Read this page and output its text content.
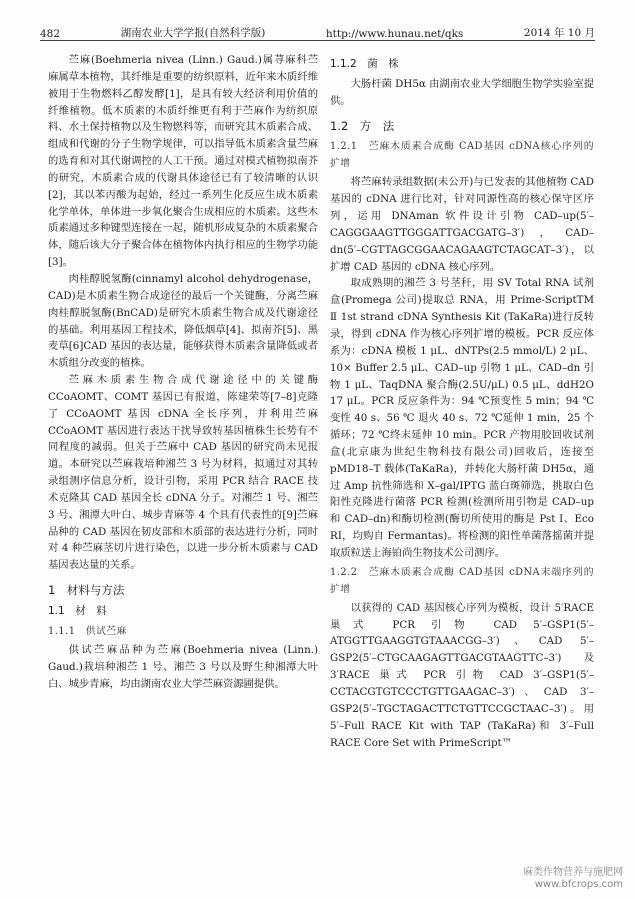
482	湖南农业大学学报(自然科学版)	http://www.hunau.net/qks	2014 年 10 月

苎麻(Boehmeria nivea (Linn.) Gaud.)属荨麻科苎麻属草本植物，其纤维是重要的纺织原料，近年来木质纤维被用于生物燃料乙醇发酵[1]，是具有较大经济利用价值的纤维植物。低木质素的木质纤维更有利于苎麻作为纺织原料、水土保持植物以及生物燃料等，而研究其木质素合成、组成和代谢的分子生物学规律，可以指导低木质素含量苎麻的选育和对其代谢调控的人工干预。通过对模式植物拟南芥的研究，木质素合成的代谢具体途径已有了较清晰的认识[2]，其以苯丙酸为起始，经过一系列生化反应生成木质素化学单体，单体进一步氧化聚合生成相应的木质素。这些木质素通过多种键型连接在一起，随机形成复杂的木质素聚合体，随后该大分子聚合体在植物体内执行相应的生物学功能[3]。

肉桂醇脱氢酶(cinnamyl alcohol dehydrogenase，CAD)是木质素生物合成途径的最后一个关键酶，分离苎麻肉桂醇脱氢酶(BnCAD)是研究木质素生物合成及代谢途径的基础。利用基因工程技术，降低烟草[4]、拟南芥[5]、黑麦草[6]CAD 基因的表达量，能够获得木质素含量降低或者木质组分改变的植株。

苎麻木质素生物合成代谢途径中的关键酶 CCoAOMT、COMT 基因已有报道，陈建荣等[7–8]克隆了 CCoAOMT 基因 cDNA 全长序列，并利用苎麻 CCoAOMT 基因进行表达干扰导致转基因植株生长势有不同程度的减弱。但关于苎麻中 CAD 基因的研究尚未见报道。本研究以苎麻栽培种湘苎 3 号为材料，拟通过对其转录组测序信息分析，设计引物，采用 PCR 结合 RACE 技术克隆其 CAD 基因全长 cDNA 分子。对湘苎 1 号、湘苎 3 号、湘潭大叶白、城步青麻等 4 个具有代表性的[9]苎麻品种的 CAD 基因在韧皮部和木质部的表达进行分析，同时对 4 种苎麻茎切片进行染色，以进一步分析木质素与 CAD 基因表达量的关系。

1　材料与方法
1.1　材　料
1.1.1　供试苎麻

供试苎麻品种为苎麻(Boehmeria nivea (Linn.) Gaud.)栽培种湘苎 1 号、湘苎 3 号以及野生种湘潭大叶白、城步青麻，均由湖南农业大学苎麻资源圃提供。

1.1.2　菌　株

大肠杆菌 DH5α 由湖南农业大学细胞生物学实验室提供。

1.2　方　法
1.2.1　苎麻木质素合成酶 CAD基因 cDNA核心序列的扩增

将苎麻转录组数据(未公开)与已发表的其他植物 CAD 基因的 cDNA 进行比对，针对同源性高的核心保守区序列，运用 DNAman 软件设计引物 CAD–up(5′–CAGGGAAGTTGGGATTGACGATG–3′)，CAD–dn(5′–CGTTAGCGGAACAGAAGTCTAGCAT–3′)，以扩增 CAD 基因的 cDNA 核心序列。

取成熟期的湘苎 3 号茎秆，用 SV Total RNA 试剂盒(Promega 公司)提取总 RNA，用 Prime-ScriptTM Ⅱ 1st strand cDNA Synthesis Kit (TaKaRa)进行反转录，得到 cDNA 作为核心序列扩增的模板。PCR 反应体系为：cDNA 模板 1 μL、dNTPs(2.5 mmol/L) 2 μL、10× Buffer 2.5 μL、CAD–up 引物 1 μL、CAD–dn 引物 1 μL、TaqDNA 聚合酶(2.5U/μL) 0.5 μL、ddH2O 17 μL。PCR 反应条件为：94 ℃预变性 5 min；94 ℃变性 40 s、56 ℃ 退火 40 s、72 ℃延伸 1 min，25 个循环；72 ℃终末延伸 10 min。PCR 产物用胶回收试剂盒(北京康为世纪生物科技有限公司)回收后，连接至 pMD18–T 载体(TaKaRa)，并转化大肠杆菌 DH5α，通过 Amp 抗性筛选和 X–gal/IPTG 蓝白斑筛选，挑取白色阳性克隆进行菌落 PCR 检测(检测所用引物是 CAD–up 和 CAD–dn)和酶切检测(酶切所使用的酶是 Pst Ⅰ、Eco RⅠ，均购自 Fermantas)。将检测的阳性单菌落摇菌并提取质粒送上海铂尚生物技术公司测序。

1.2.2　苎麻木质素合成酶 CAD基因 cDNA末端序列的扩增

以获得的 CAD 基因核心序列为模板，设计 5′RACE 巢式 PCR 引物 CAD 5′–GSP1(5′–ATGGTTGAAGGTGTAAACGG–3′)、CAD 5′–GSP2(5′–CTGCAAGAGTTGACGTAAGTTC–3′)及 3′RACE 巢式 PCR 引物 CAD 3′–GSP1(5′–CCTACGTGTCCCTGTTGAAGAC–3′)、CAD 3′–GSP2(5′–TGCTAGACTTCTGTTCCGCTAAC–3′)。用 5′–Full RACE Kit with TAP (TaKaRa)和 3′–Full RACE Core Set with PrimeScript™

麻类作物营养与施肥网
www.bfcrops.com
